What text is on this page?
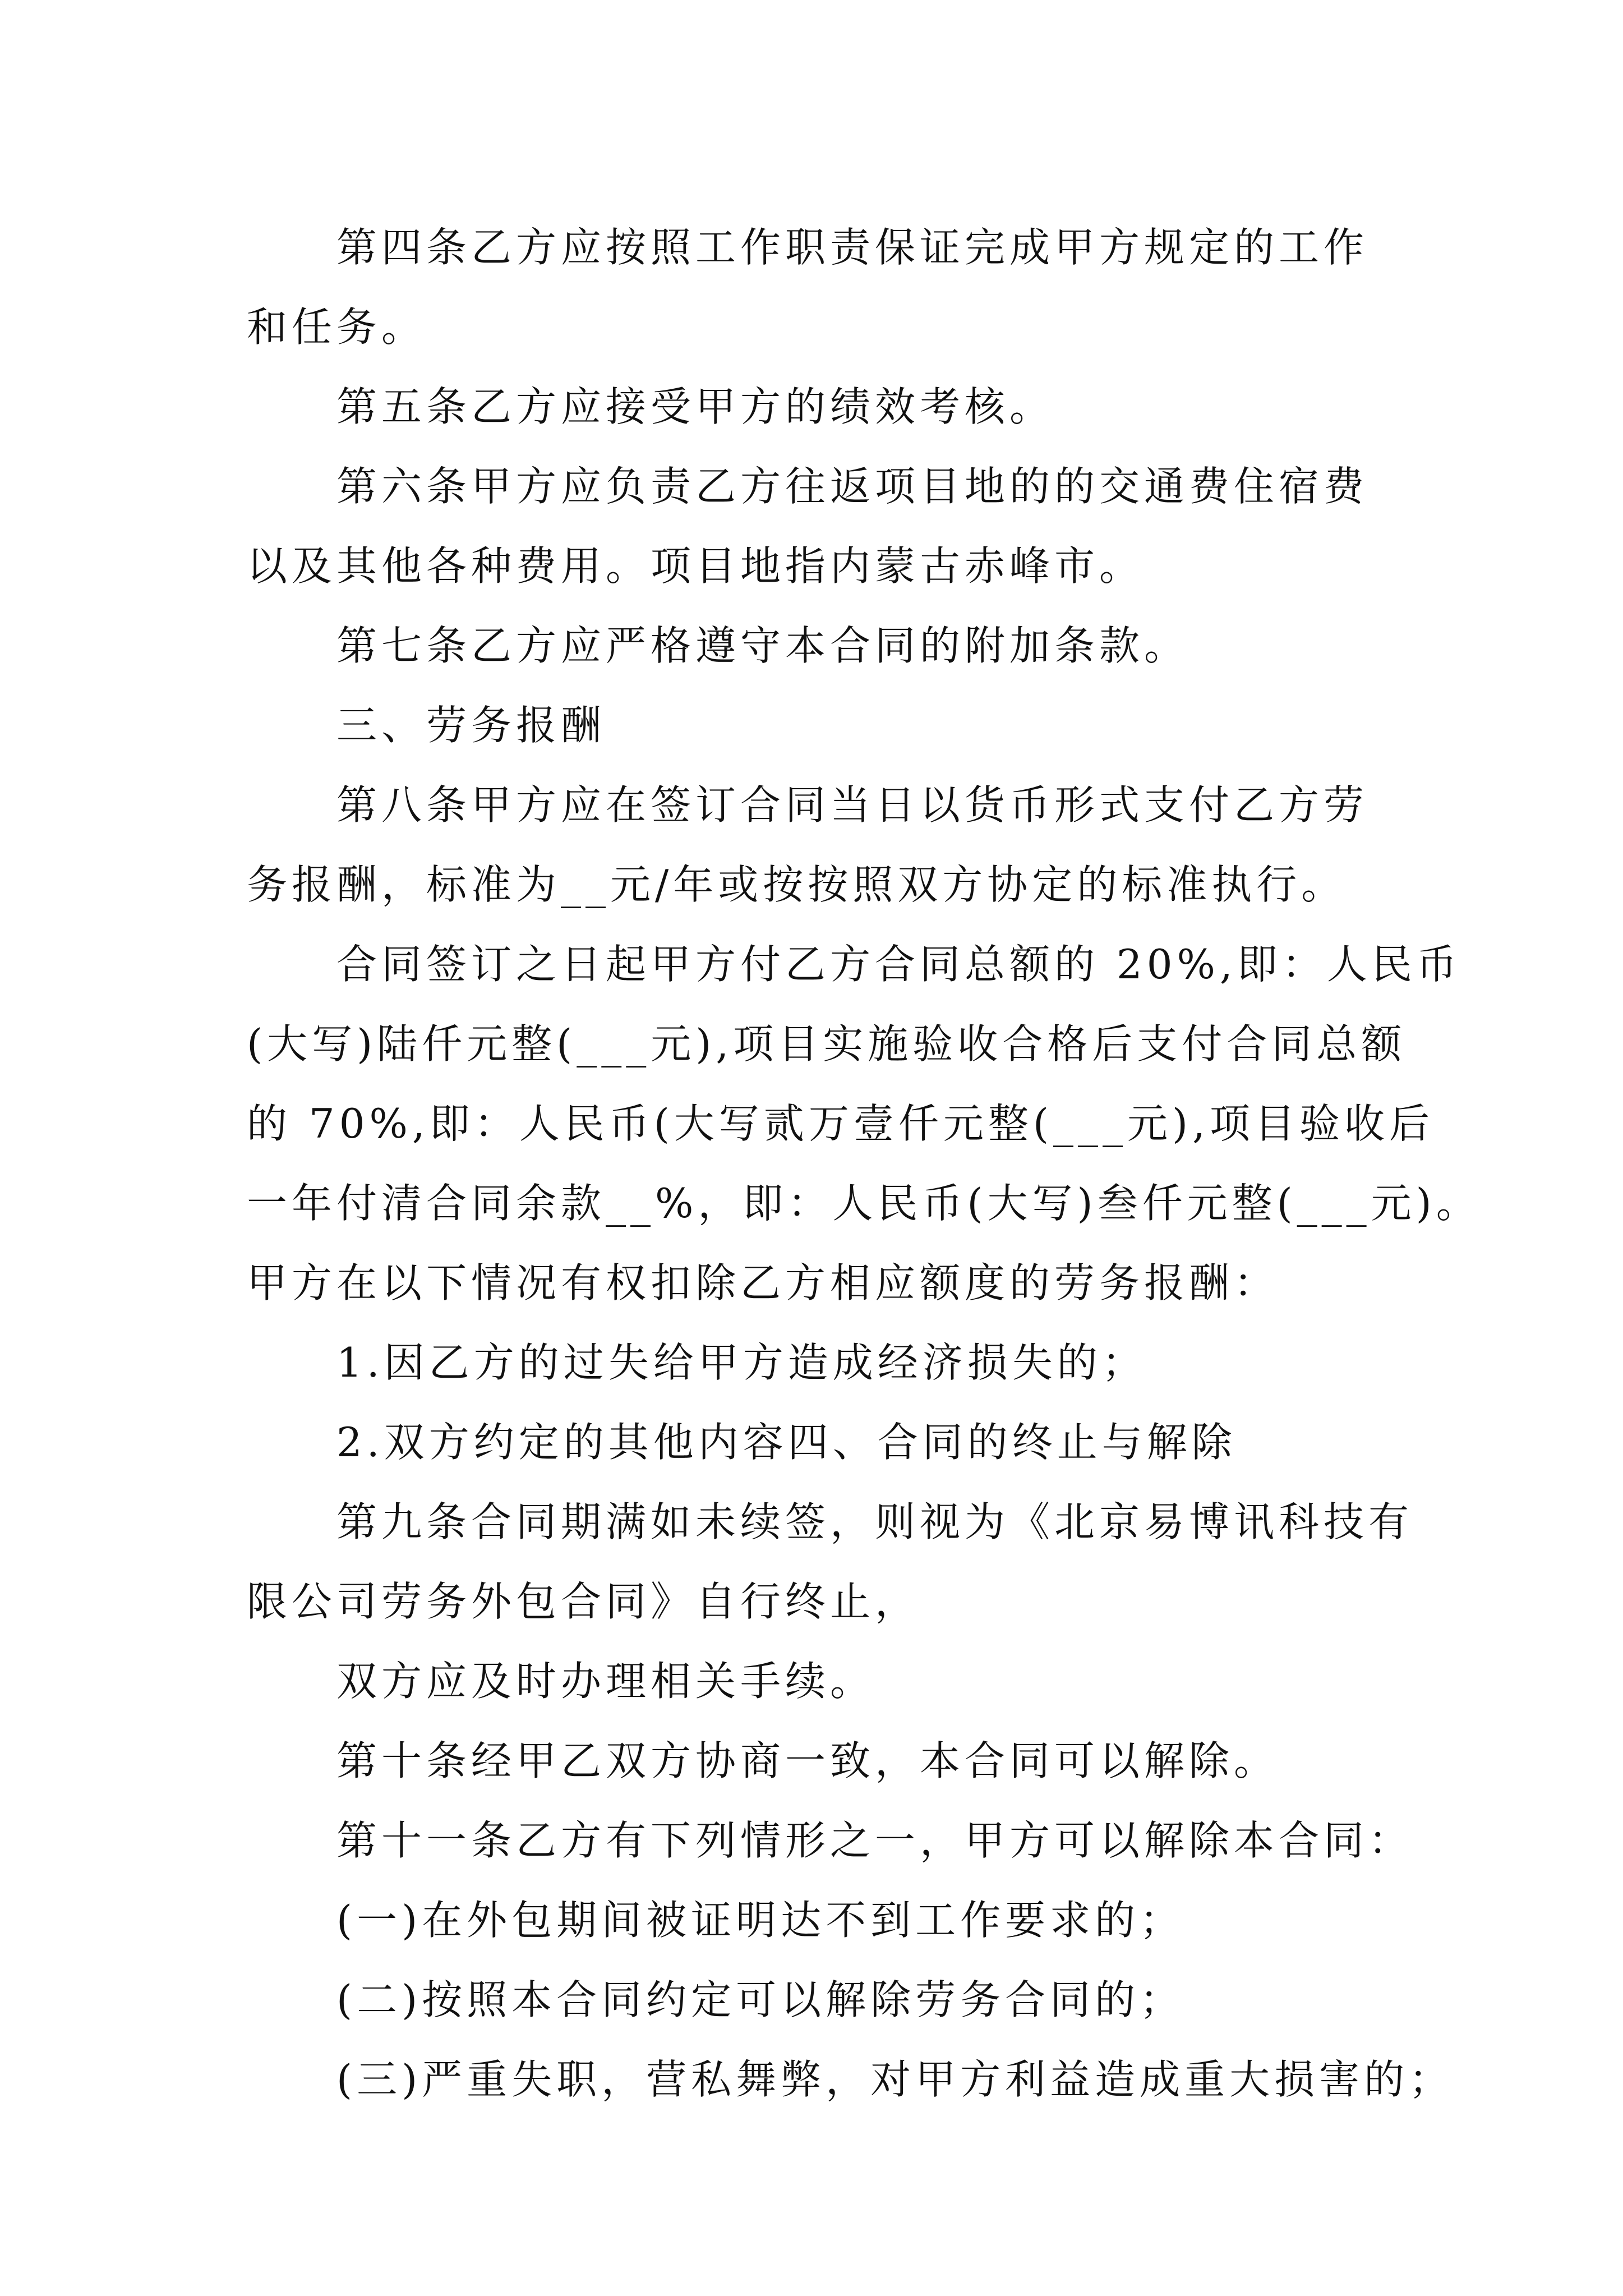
第四条乙方应按照工作职责保证完成甲方规定的工作
和任务。

第五条乙方应接受甲方的绩效考核。

第六条甲方应负责乙方往返项目地的的交通费住宿费
以及其他各种费用。项目地指内蒙古赤峰市。

第七条乙方应严格遵守本合同的附加条款。

三、劳务报酬

第八条甲方应在签订合同当日以货币形式支付乙方劳
务报酬，标准为__元/年或按按照双方协定的标准执行。

合同签订之日起甲方付乙方合同总额的 20%,即：人民币
(大写)陆仟元整(___元),项目实施验收合格后支付合同总额
的 70%,即：人民币(大写贰万壹仟元整(___元),项目验收后
一年付清合同余款__%，即：人民币(大写)叁仟元整(___元)。
甲方在以下情况有权扣除乙方相应额度的劳务报酬：

1.因乙方的过失给甲方造成经济损失的；

2.双方约定的其他内容四、合同的终止与解除

第九条合同期满如未续签，则视为《北京易博讯科技有
限公司劳务外包合同》自行终止，

双方应及时办理相关手续。

第十条经甲乙双方协商一致，本合同可以解除。

第十一条乙方有下列情形之一，甲方可以解除本合同：

(一)在外包期间被证明达不到工作要求的；

(二)按照本合同约定可以解除劳务合同的；

(三)严重失职，营私舞弊，对甲方利益造成重大损害的；
